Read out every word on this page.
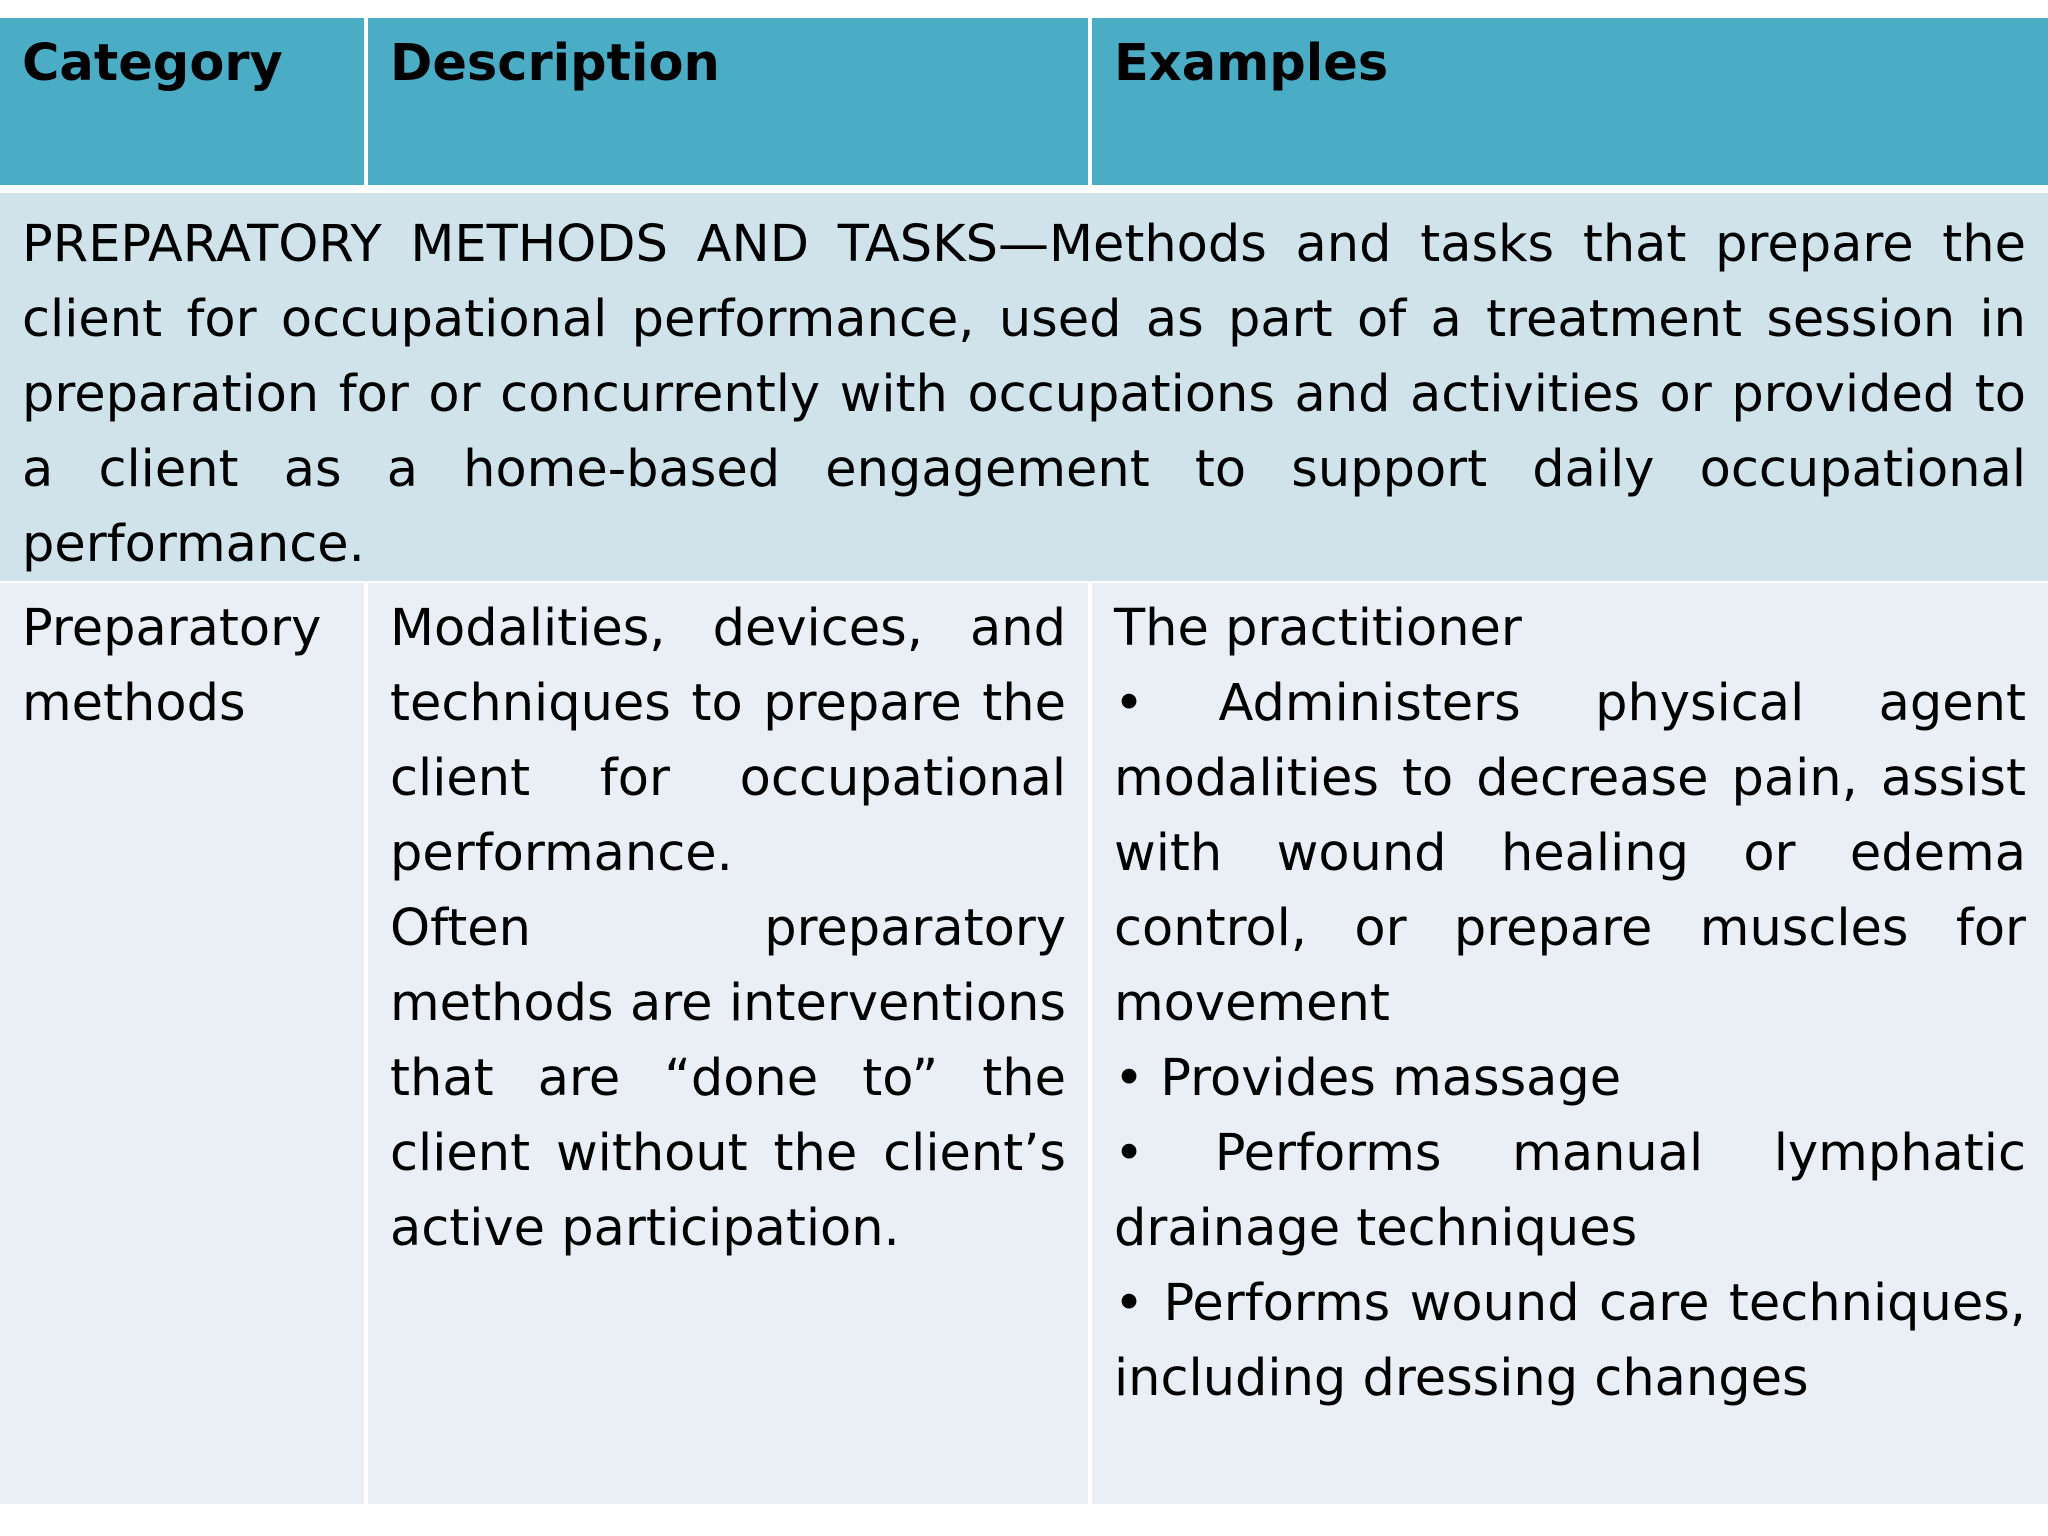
Category	Description	Examples
PREPARATORY METHODS AND TASKS—Methods and tasks that prepare the client for occupational performance, used as part of a treatment session in preparation for or concurrently with occupations and activities or provided to a client as a home-based engagement to support daily occupational performance.
Preparatory methods
Modalities, devices, and techniques to prepare the client for occupational performance.
Often preparatory methods are interventions that are “done to” the client without the client’s active participation.
The practitioner
• Administers physical agent modalities to decrease pain, assist with wound healing or edema control, or prepare muscles for movement
• Provides massage
• Performs manual lymphatic drainage techniques
• Performs wound care techniques, including dressing changes
